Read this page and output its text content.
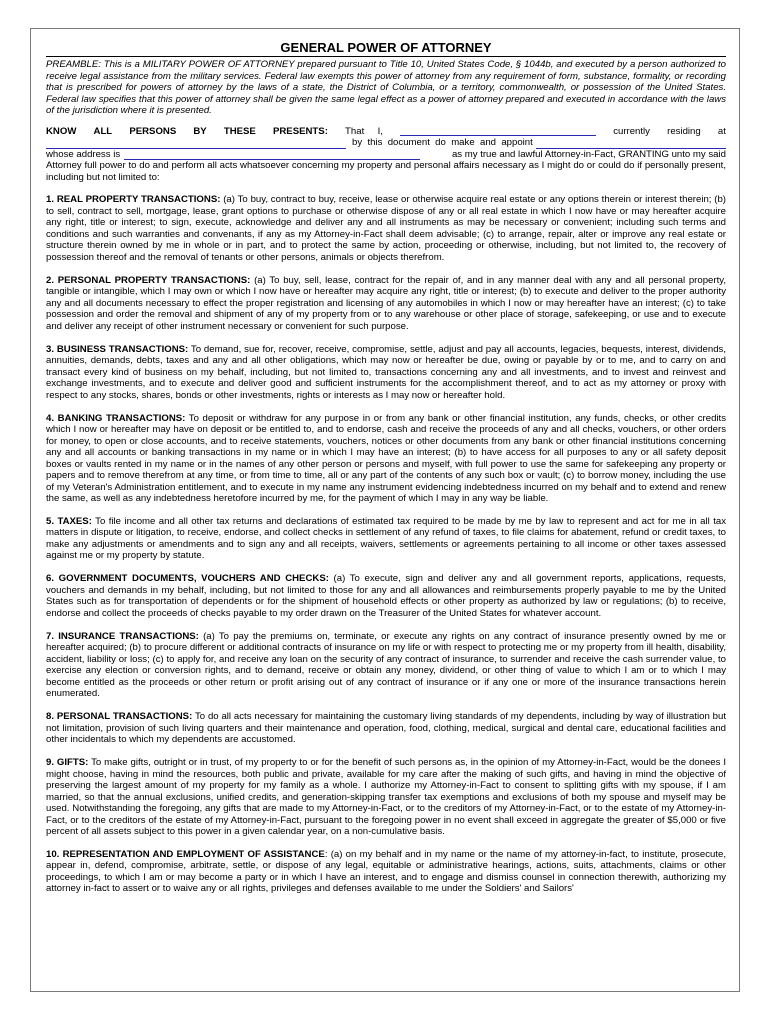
GENERAL POWER OF ATTORNEY

PREAMBLE: This is a MILITARY POWER OF ATTORNEY prepared pursuant to Title 10, United States Code, § 1044b, and executed by a person authorized to receive legal assistance from the military services. Federal law exempts this power of attorney from any requirement of form, substance, formality, or recording that is prescribed for powers of attorney by the laws of a state, the District of Columbia, or a territory, commonwealth, or possession of the United States. Federal law specifies that this power of attorney shall be given the same legal effect as a power of attorney prepared and executed in accordance with the laws of the jurisdiction where it is presented.

KNOW ALL PERSONS BY THESE PRESENTS: That     I,	currently residing at
by  this  document  do  make  and  appoint
whose address is	as my true and lawful Attorney-in-Fact, GRANTING unto my said

Attorney full power to do and perform all acts whatsoever concerning my property and personal affairs necessary as I might do or could do if personally present, including but not limited to:

1. REAL PROPERTY TRANSACTIONS: (a) To buy, contract to buy, receive, lease or otherwise acquire real estate or any options therein or interest therein; (b) to sell, contract to sell, mortgage, lease, grant options to purchase or otherwise dispose of any or all real estate in which I now have or may hereafter acquire any right, title or interest; to sign, execute, acknowledge and deliver any and all instruments as may be necessary or convenient; including such terms and conditions and such warranties and convenants, if any as my Attorney-in-Fact shall deem advisable; (c) to arrange, repair, alter or improve any real estate or structure therein owned by me in whole or in part, and to protect the same by action, proceeding or otherwise, including, but not limited to, the recovery of possession thereof and the removal of tenants or other persons, animals or objects therefrom.

2. PERSONAL PROPERTY TRANSACTIONS: (a) To buy, sell, lease, contract for the repair of, and in any manner deal with any and all personal property, tangible or intangible, which I may own or which I now have or hereafter may acquire any right, title or interest; (b) to execute and deliver to the proper authority any and all documents necessary to effect the proper registration and licensing of any automobiles in which I now or may hereafter have an interest; (c) to take possession and order the removal and shipment of any of my property from or to any warehouse or other place of storage, safekeeping, or use and to execute and deliver any receipt of other instrument necessary or convenient for such purpose.

3. BUSINESS TRANSACTIONS: To demand, sue for, recover, receive, compromise, settle, adjust and pay all accounts, legacies, bequests, interest, dividends, annuities, demands, debts, taxes and any and all other obligations, which may now or hereafter be due, owing or payable by or to me, and to carry on and transact every kind of business on my behalf, including, but not limited to, transactions concerning any and all investments, and to invest and reinvest and exchange investments, and to execute and deliver good and sufficient instruments for the accomplishment thereof, and to act as my attorney or proxy with respect to any stocks, shares, bonds or other investments, rights or interests as I may now or hereafter hold.

4. BANKING TRANSACTIONS: To deposit or withdraw for any purpose in or from any bank or other financial institution, any funds, checks, or other credits which I now or hereafter may have on deposit or be entitled to, and to endorse, cash and receive the proceeds of any and all checks, vouchers, or other orders for money, to open or close accounts, and to receive statements, vouchers, notices or other documents from any bank or other financial institutions concerning any and all accounts or banking transactions in my name or in which I may have an interest; (b) to have access for all purposes to any or all safety deposit boxes or vaults rented in my name or in the names of any other person or persons and myself, with full power to use the same for safekeeping any property or papers and to remove therefrom at any time, or from time to time, all or any part of the contents of any such box or vault; (c) to borrow money, including the use of my Veteran's Administration entitlement, and to execute in my name any instrument evidencing indebtedness incurred on my behalf and to extend and renew the same, as well as any indebtedness heretofore incurred by me, for the payment of which I may in any way be liable.

5. TAXES: To file income and all other tax returns and declarations of estimated tax required to be made by me by law to represent and act for me in all tax matters in dispute or litigation, to receive, endorse, and collect checks in settlement of any refund of taxes, to file claims for abatement, refund or credit taxes, to make any adjustments or amendments and to sign any and all receipts, waivers, settlements or agreements pertaining to all income or other taxes assessed against me or my property by statute.

6. GOVERNMENT DOCUMENTS, VOUCHERS AND CHECKS: (a) To execute, sign and deliver any and all government reports, applications, requests, vouchers and demands in my behalf, including, but not limited to those for any and all allowances and reimbursements properly payable to me by the United States such as for transportation of dependents or for the shipment of household effects or other property as authorized by law or regulations; (b) to receive, endorse and collect the proceeds of checks payable to my order drawn on the Treasurer of the United States for whatever account.

7. INSURANCE TRANSACTIONS: (a) To pay the premiums on, terminate, or execute any rights on any contract of insurance presently owned by me or hereafter acquired; (b) to procure different or additional contracts of insurance on my life or with respect to protecting me or my property from ill health, disability, accident, liability or loss; (c) to apply for, and receive any loan on the security of any contract of insurance, to surrender and receive the cash surrender value, to exercise any election or conversion rights, and to demand, receive or obtain any money, dividend, or other thing of value to which I am or to which I may become entitled as the proceeds or other return or profit arising out of any contract of insurance or if any one or more of the insurance transactions herein enumerated.

8. PERSONAL TRANSACTIONS: To do all acts necessary for maintaining the customary living standards of my dependents, including by way of illustration but not limitation, provision of such living quarters and their maintenance and operation, food, clothing, medical, surgical and dental care, educational facilities and other incidentals to which my dependents are accustomed.

9. GIFTS: To make gifts, outright or in trust, of my property to or for the benefit of such persons as, in the opinion of my Attorney-in-Fact, would be the donees I might choose, having in mind the resources, both public and private, available for my care after the making of such gifts, and having in mind the objective of preserving the largest amount of my property for my family as a whole. I authorize my Attorney-in-Fact to consent to splitting gifts with my spouse, if I am married, so that the annual exclusions, unified credits, and generation-skipping transfer tax exemptions and exclusions of both my spouse and myself may be used. Notwithstanding the foregoing, any gifts that are made to my Attorney-in-Fact, or to the creditors of my Attorney-in-Fact, or to the estate of my Attorney-in-Fact, or to the creditors of the estate of my Attorney-in-Fact, pursuant to the foregoing power in no event shall exceed in aggregate the greater of $5,000 or five percent of all assets subject to this power in a given calendar year, on a non-cumulative basis.

10. REPRESENTATION AND EMPLOYMENT OF ASSISTANCE: (a) on my behalf and in my name or the name of my attorney-in-fact, to institute, prosecute, appear in, defend, compromise, arbitrate, settle, or dispose of any legal, equitable or administrative hearings, actions, suits, attachments, claims or other proceedings, to which I am or may become a party or in which I have an interest, and to engage and dismiss counsel in connection therewith, authorizing my attorney in-fact to assert or to waive any or all rights, privileges and defenses available to me under the Soldiers' and Sailors'
